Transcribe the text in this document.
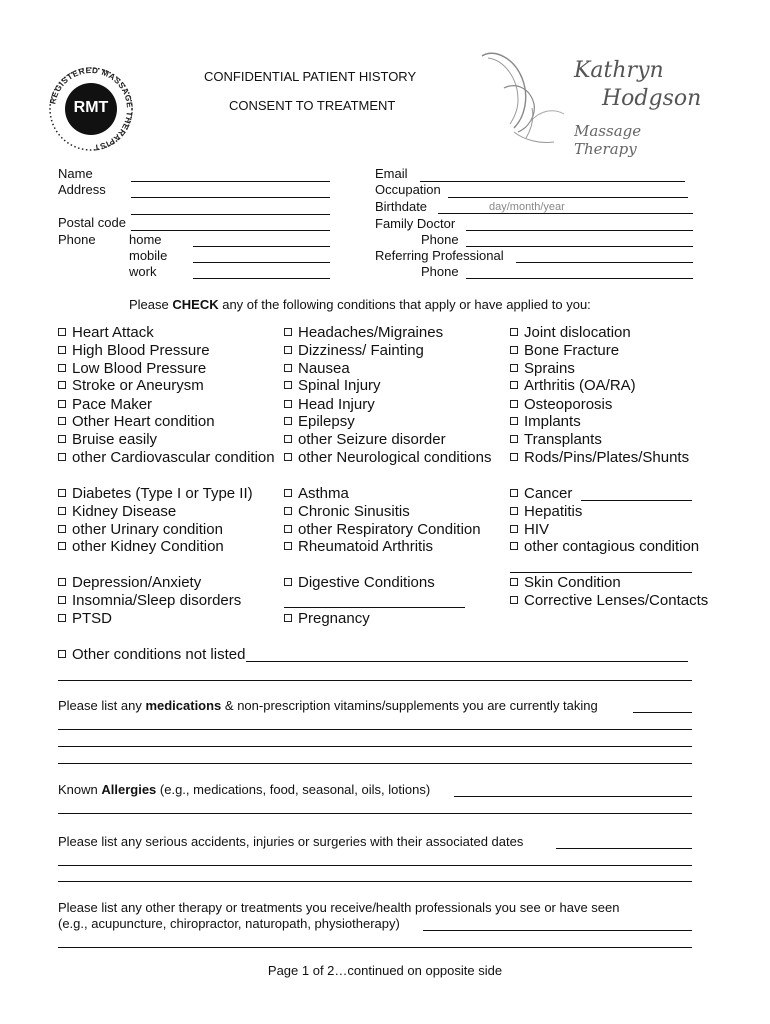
REGISTERED MASSAGE THERAPIST
RMT
CONFIDENTIAL PATIENT HISTORY
CONSENT TO TREATMENT
Kathryn
Hodgson
Massage Therapy
Name
Address
Postal code
Phone	home
mobile
work
Email
Occupation
Birthdate	day/month/year
Family Doctor
Phone
Referring Professional
Phone
Please CHECK any of the following conditions that apply or have applied to you:
Heart Attack
High Blood Pressure
Low Blood Pressure
Stroke or Aneurysm
Pace Maker
Other Heart condition
Bruise easily
other Cardiovascular condition
Headaches/Migraines
Dizziness/ Fainting
Nausea
Spinal Injury
Head Injury
Epilepsy
other Seizure disorder
other Neurological conditions
Joint dislocation
Bone Fracture
Sprains
Arthritis (OA/RA)
Osteoporosis
Implants
Transplants
Rods/Pins/Plates/Shunts
Diabetes (Type I or Type II)
Kidney Disease
other Urinary condition
other Kidney Condition
Asthma
Chronic Sinusitis
other Respiratory Condition
Rheumatoid Arthritis
Cancer
Hepatitis
HIV
other contagious condition
Depression/Anxiety
Insomnia/Sleep disorders
PTSD
Digestive Conditions
Pregnancy
Skin Condition
Corrective Lenses/Contacts
Other conditions not listed
Please list any medications & non-prescription vitamins/supplements you are currently taking
Known Allergies (e.g., medications, food, seasonal, oils, lotions)
Please list any serious accidents, injuries or surgeries with their associated dates
Please list any other therapy or treatments you receive/health professionals you see or have seen
(e.g., acupuncture, chiropractor, naturopath, physiotherapy)
Page 1 of 2…continued on opposite side
